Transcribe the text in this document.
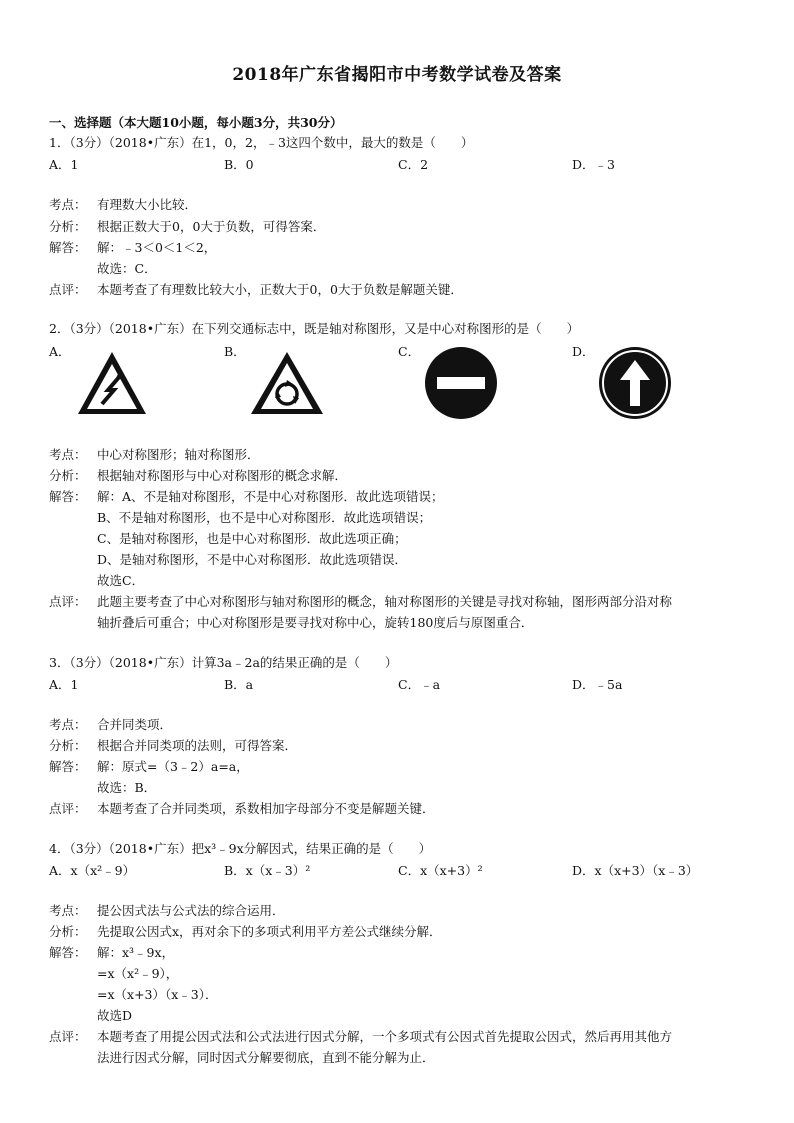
2018年广东省揭阳市中考数学试卷及答案
一、选择题（本大题10小题，每小题3分，共30分）
1．（3分）（2018•广东）在1，0，2，﹣3这四个数中，最大的数是（　　）
A．1	B．0	C．2	D．﹣3
考点： 有理数大小比较．
分析： 根据正数大于0，0大于负数，可得答案．
解答： 解：﹣3＜0＜1＜2，
故选：C．
点评： 本题考查了有理数比较大小，正数大于0，0大于负数是解题关键．
2．（3分）（2018•广东）在下列交通标志中，既是轴对称图形，又是中心对称图形的是（　　）
A．	B．	C．	D．
考点： 中心对称图形；轴对称图形．
分析： 根据轴对称图形与中心对称图形的概念求解．
解答： 解：A、不是轴对称图形，不是中心对称图形．故此选项错误；
B、不是轴对称图形，也不是中心对称图形．故此选项错误；
C、是轴对称图形，也是中心对称图形．故此选项正确；
D、是轴对称图形，不是中心对称图形．故此选项错误．
故选C．
点评： 此题主要考查了中心对称图形与轴对称图形的概念，轴对称图形的关键是寻找对称轴，图形两部分沿对称
轴折叠后可重合；中心对称图形是要寻找对称中心，旋转180度后与原图重合．
3．（3分）（2018•广东）计算3a﹣2a的结果正确的是（　　）
A．1	B．a	C．﹣a	D．﹣5a
考点： 合并同类项．
分析： 根据合并同类项的法则，可得答案．
解答： 解：原式=（3﹣2）a=a，
故选：B．
点评： 本题考查了合并同类项，系数相加字母部分不变是解题关键．
4．（3分）（2018•广东）把x³﹣9x分解因式，结果正确的是（　　）
A．x（x²﹣9）	B．x（x﹣3）²	C．x（x+3）²	D．x（x+3）（x﹣3）
考点： 提公因式法与公式法的综合运用．
分析： 先提取公因式x，再对余下的多项式利用平方差公式继续分解．
解答： 解：x³﹣9x，
=x（x²﹣9），
=x（x+3）（x﹣3）．
故选D
点评： 本题考查了用提公因式法和公式法进行因式分解，一个多项式有公因式首先提取公因式，然后再用其他方
法进行因式分解，同时因式分解要彻底，直到不能分解为止．
